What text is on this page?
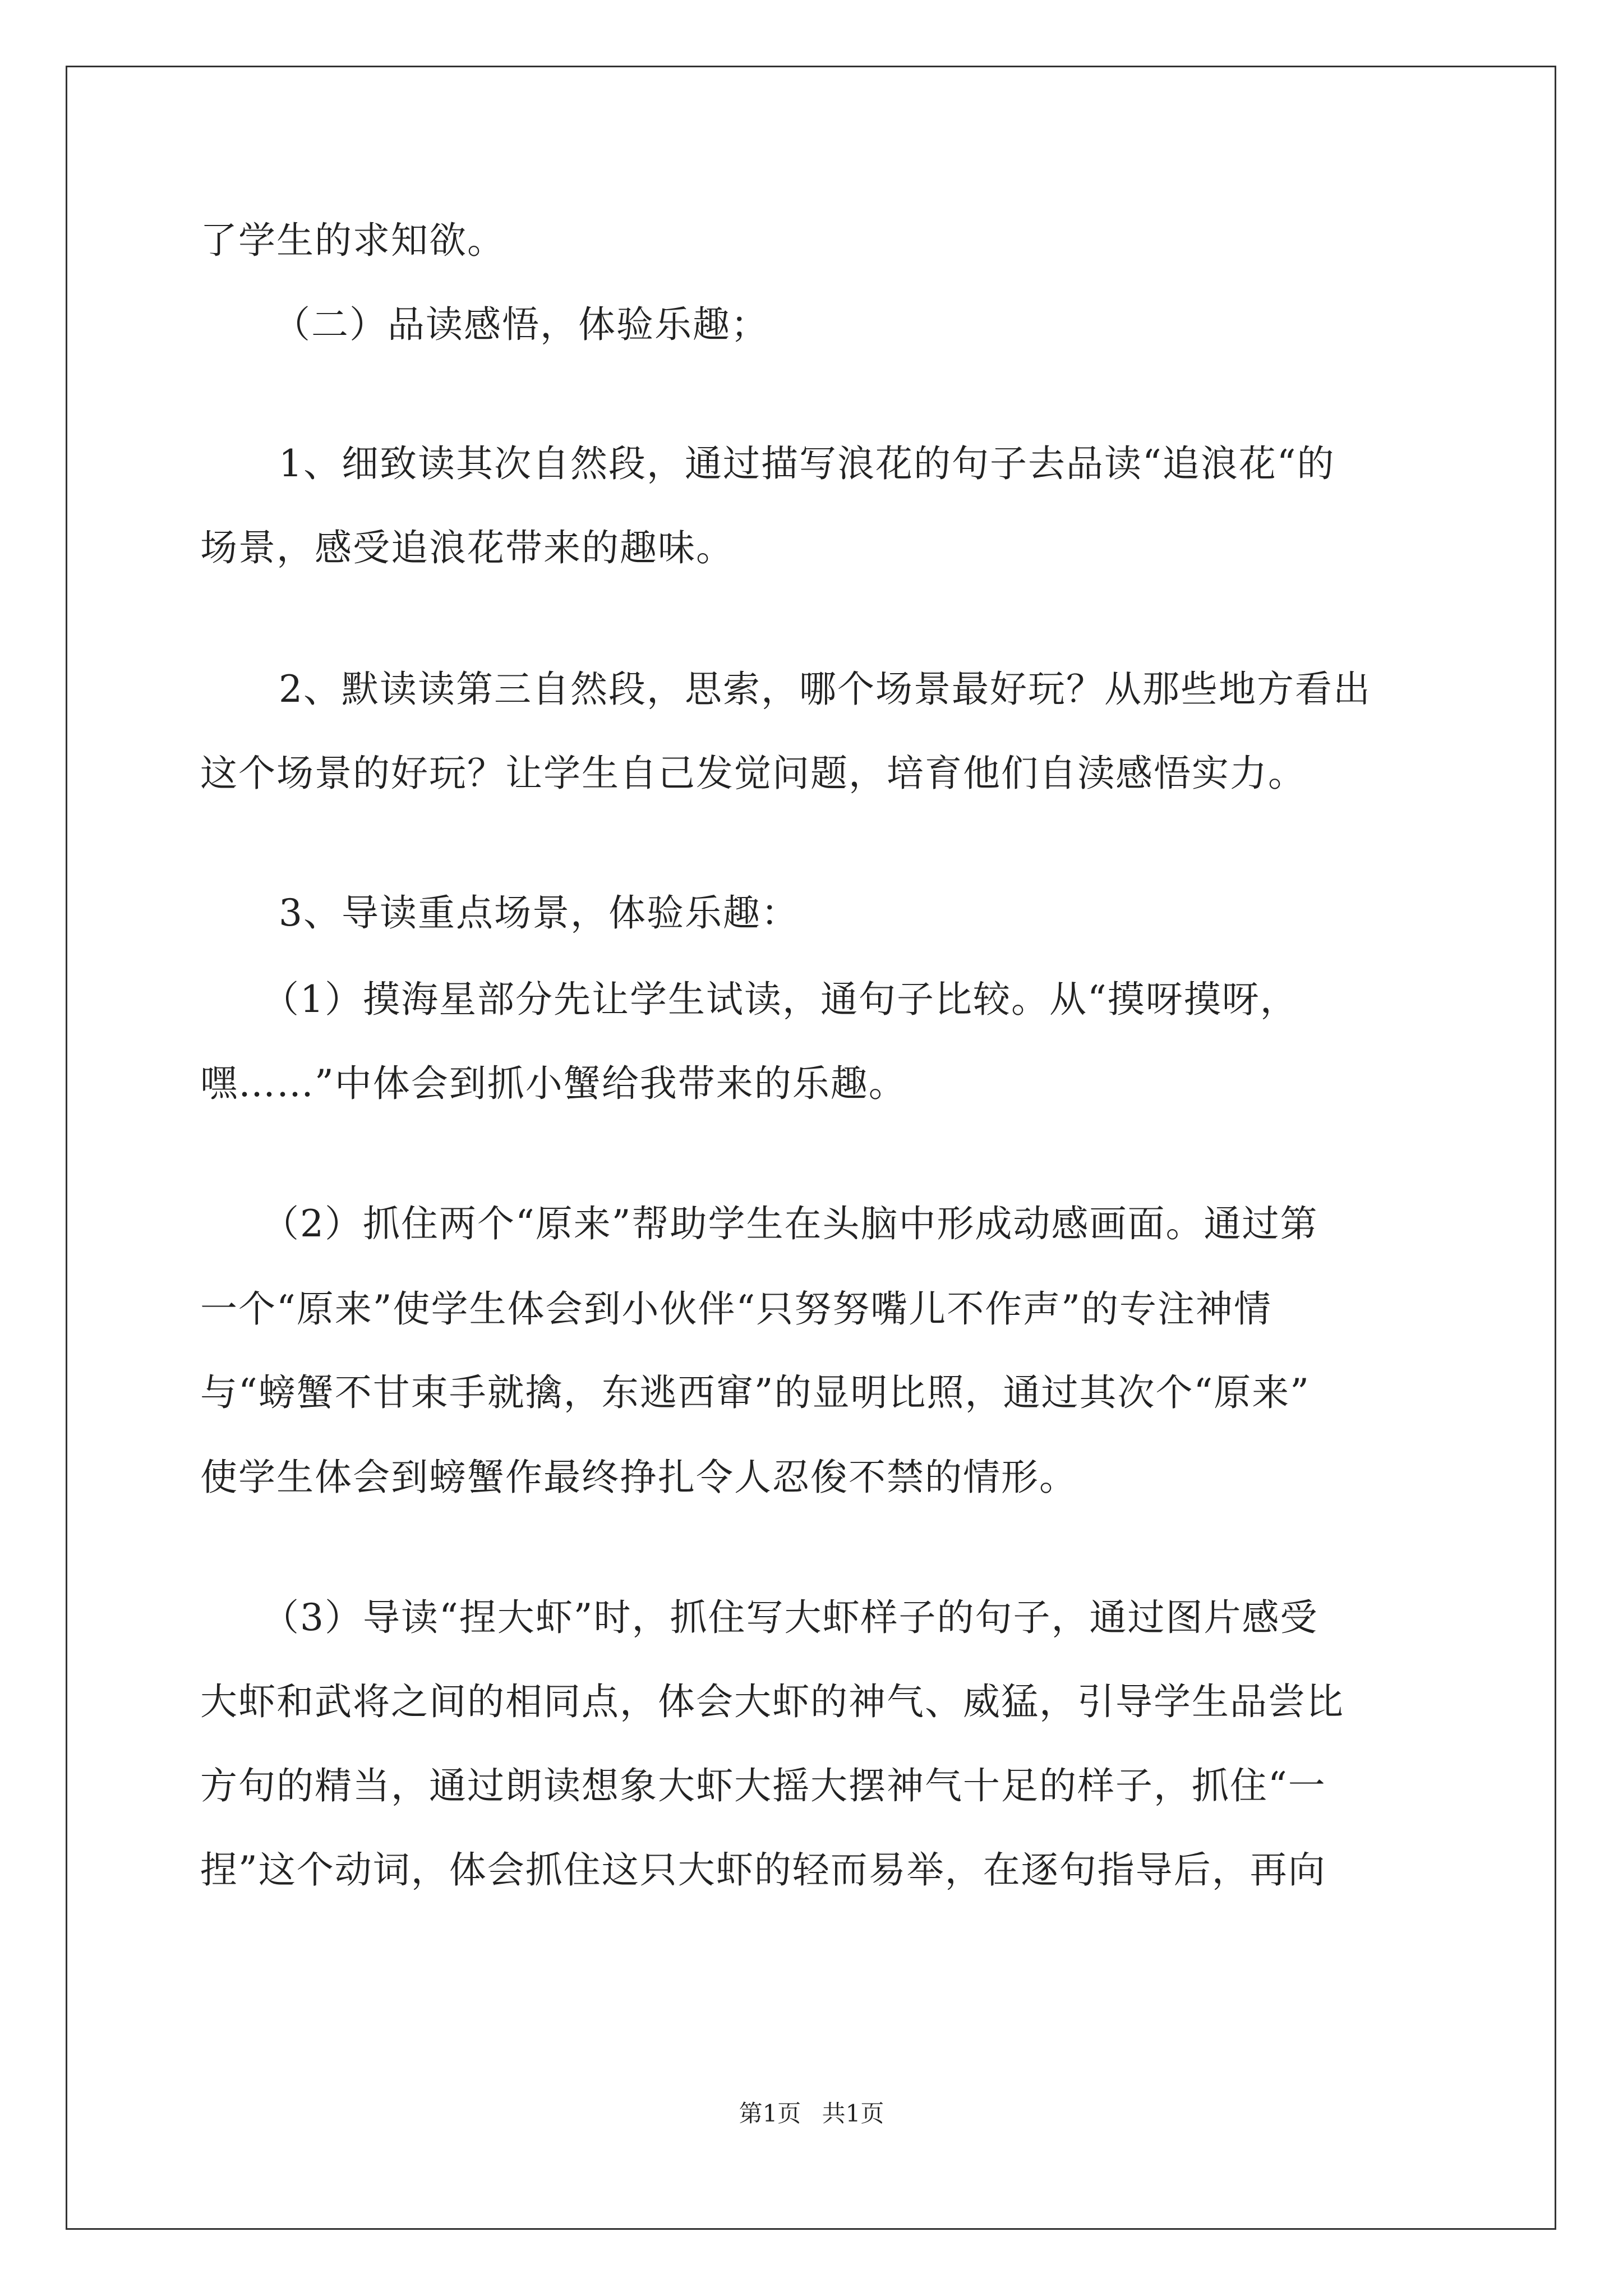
了学生的求知欲。
（二）品读感悟，体验乐趣；
1、细致读其次自然段，通过描写浪花的句子去品读“追浪花“的
场景，感受追浪花带来的趣味。
2、默读读第三自然段，思索，哪个场景最好玩？从那些地方看出
这个场景的好玩？让学生自己发觉问题，培育他们自渎感悟实力。
3、导读重点场景，体验乐趣：
（1）摸海星部分先让学生试读，通句子比较。从“摸呀摸呀，
嘿……”中体会到抓小蟹给我带来的乐趣。
（2）抓住两个“原来”帮助学生在头脑中形成动感画面。通过第
一个“原来”使学生体会到小伙伴“只努努嘴儿不作声”的专注神情
与“螃蟹不甘束手就擒，东逃西窜”的显明比照，通过其次个“原来”
使学生体会到螃蟹作最终挣扎令人忍俊不禁的情形。
（3）导读“捏大虾”时，抓住写大虾样子的句子，通过图片感受
大虾和武将之间的相同点，体会大虾的神气、威猛，引导学生品尝比
方句的精当，通过朗读想象大虾大摇大摆神气十足的样子，抓住“一
捏”这个动词，体会抓住这只大虾的轻而易举，在逐句指导后，再向
第1页 共1页
